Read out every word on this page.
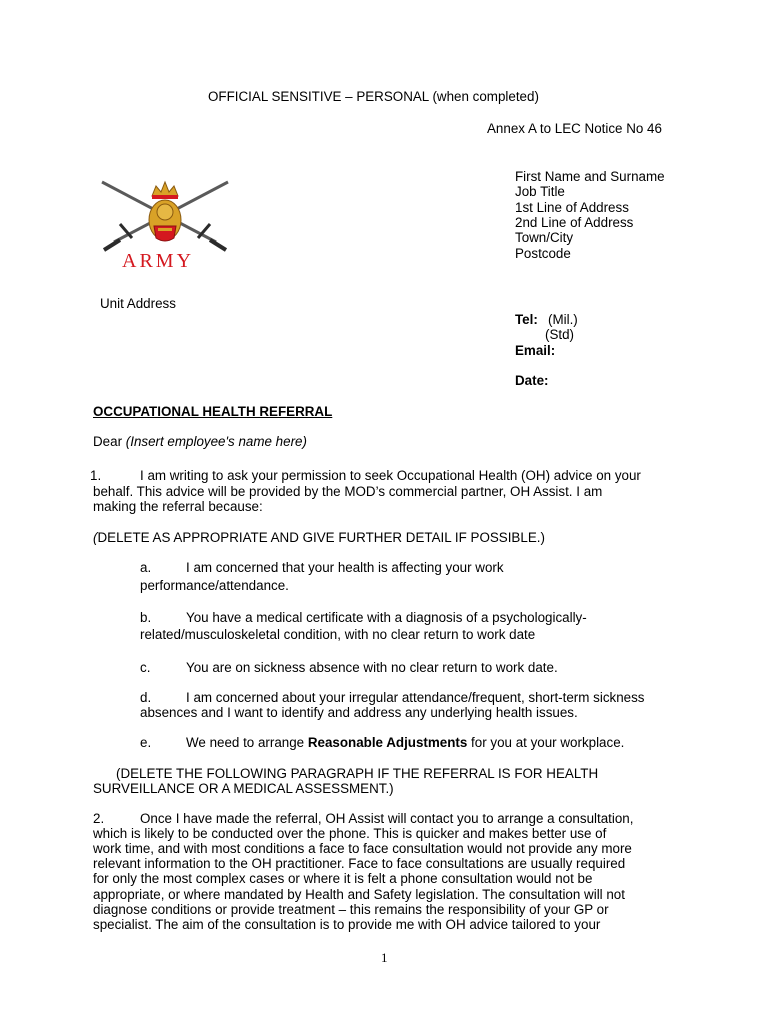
OFFICIAL SENSITIVE – PERSONAL (when completed)
Annex A to LEC Notice No 46
ARMY
First Name and Surname
Job Title
1st Line of Address
2nd Line of Address
Town/City
Postcode
Unit Address
Tel: (Mil.)
(Std)
Email:
Date:
OCCUPATIONAL HEALTH REFERRAL
Dear (Insert employee's name here)
1.	I am writing to ask your permission to seek Occupational Health (OH) advice on your
behalf. This advice will be provided by the MOD’s commercial partner, OH Assist. I am
making the referral because:
(DELETE AS APPROPRIATE AND GIVE FURTHER DETAIL IF POSSIBLE.)
a.	I am concerned that your health is affecting your work
performance/attendance.
b.	You have a medical certificate with a diagnosis of a psychologically-
related/musculoskeletal condition, with no clear return to work date
c.	You are on sickness absence with no clear return to work date.
d.	I am concerned about your irregular attendance/frequent, short-term sickness
absences and I want to identify and address any underlying health issues.
e.	We need to arrange Reasonable Adjustments for you at your workplace.
(DELETE THE FOLLOWING PARAGRAPH IF THE REFERRAL IS FOR HEALTH
SURVEILLANCE OR A MEDICAL ASSESSMENT.)
2.	Once I have made the referral, OH Assist will contact you to arrange a consultation,
which is likely to be conducted over the phone. This is quicker and makes better use of
work time, and with most conditions a face to face consultation would not provide any more
relevant information to the OH practitioner. Face to face consultations are usually required
for only the most complex cases or where it is felt a phone consultation would not be
appropriate, or where mandated by Health and Safety legislation. The consultation will not
diagnose conditions or provide treatment – this remains the responsibility of your GP or
specialist. The aim of the consultation is to provide me with OH advice tailored to your
1
